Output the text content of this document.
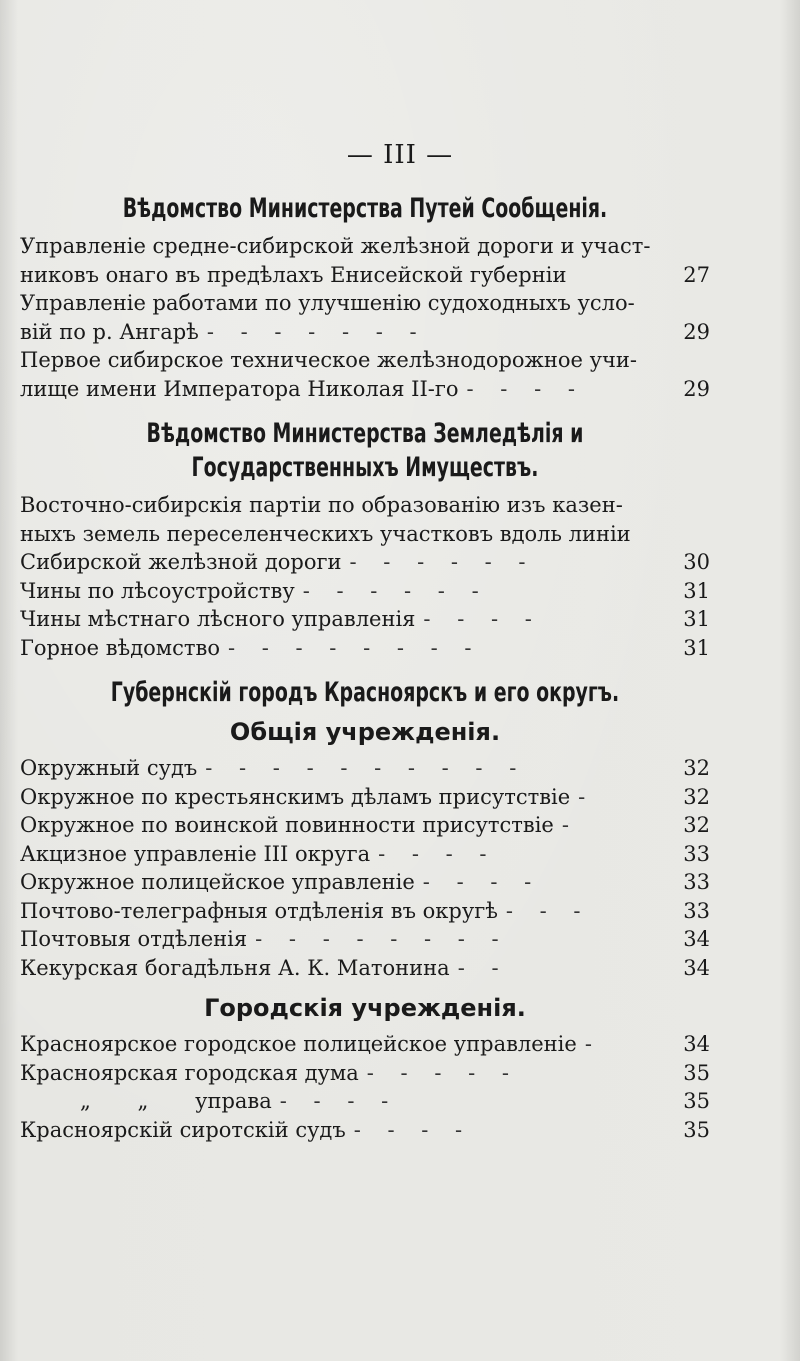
— III —
Вѣдомство Министерства Путей Сообщенія.
Управленіе средне-сибирской желѣзной дороги и участ-
никовъ онаго въ предѣлахъ Енисейской губерніи	27
Управленіе работами по улучшенію судоходныхъ усло-
вій по р. Ангарѣ - - - - - - -	29
Первое сибирское техническое желѣзнодорожное учи-
лище имени Императора Николая II-го - - - -	29
Вѣдомство Министерства Земледѣлія и Государственныхъ Имуществъ.
Восточно-сибирскія партіи по образованію изъ казен-
ныхъ земель переселенческихъ участковъ вдоль линіи
Сибирской желѣзной дороги - - - - - -	30
Чины по лѣсоустройству - - - - - -	31
Чины мѣстнаго лѣсного управленія - - - -	31
Горное вѣдомство - - - - - - - -	31
Губернскій городъ Красноярскъ и его округъ.
Общія учрежденія.
Окружный судъ - - - - - - - - - -	32
Окружное по крестьянскимъ дѣламъ присутствіе -	32
Окружное по воинской повинности присутствіе -	32
Акцизное управленіе III округа - - - -	33
Окружное полицейское управленіе - - - -	33
Почтово-телеграфныя отдѣленія въ округѣ - - -	33
Почтовыя отдѣленія - - - - - - - -	34
Кекурская богадѣльня А. К. Матонина - -	34
Городскія учрежденія.
Красноярское городское полицейское управленіе -	34
Красноярская городская дума - - - - -	35
„ „ управа - - - -	35
Красноярскій сиротскій судъ - - - -	35
